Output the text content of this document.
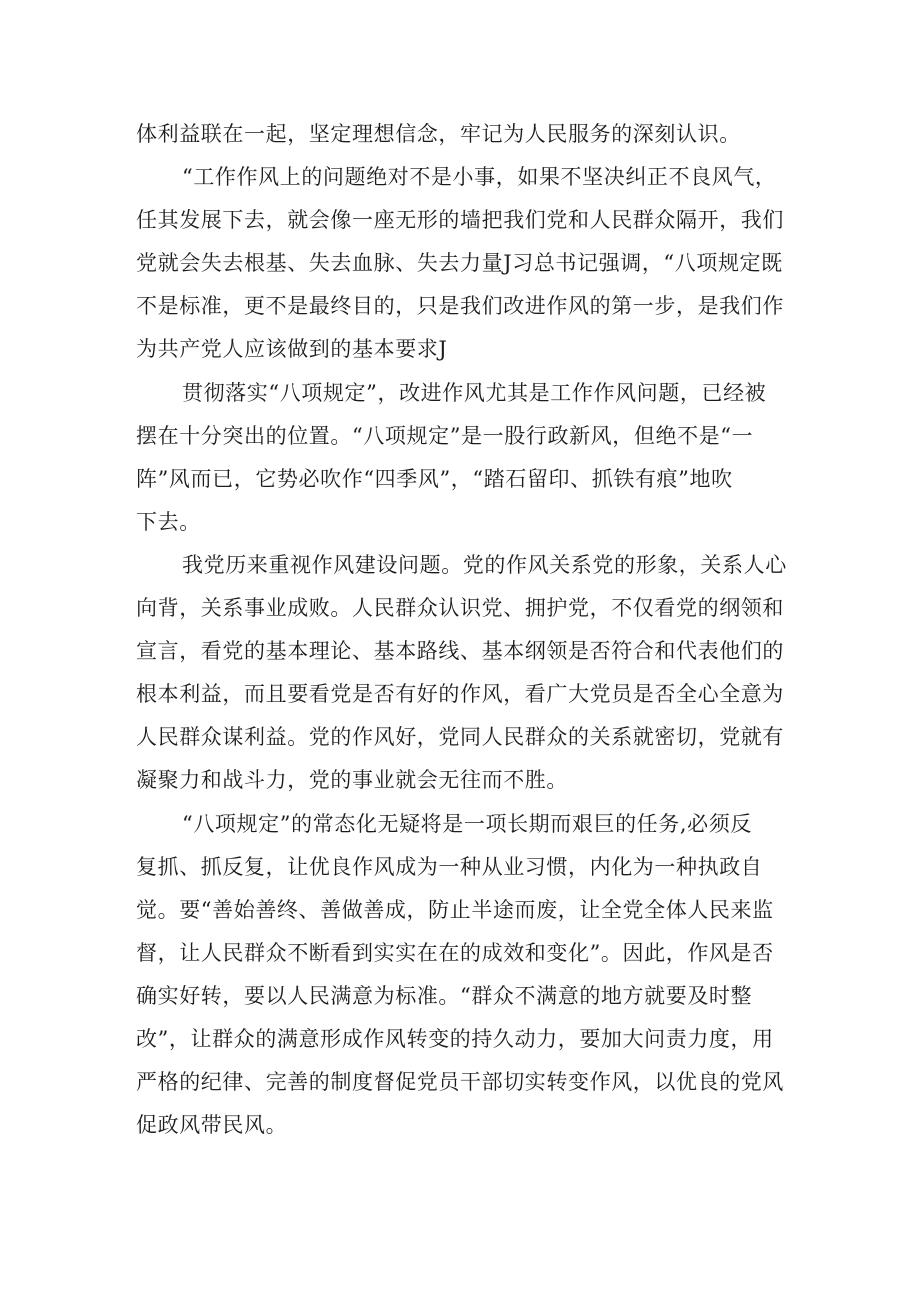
体利益联在一起，坚定理想信念，牢记为人民服务的深刻认识。
“工作作风上的问题绝对不是小事，如果不坚决纠正不良风气，
任其发展下去，就会像一座无形的墙把我们党和人民群众隔开，我们
党就会失去根基、失去血脉、失去力量J习总书记强调，“八项规定既
不是标准，更不是最终目的，只是我们改进作风的第一步，是我们作
为共产党人应该做到的基本要求J
贯彻落实“八项规定”，改进作风尤其是工作作风问题，已经被
摆在十分突出的位置。“八项规定”是一股行政新风，但绝不是“一
阵”风而已，它势必吹作“四季风”，“踏石留印、抓铁有痕”地吹
下去。
我党历来重视作风建设问题。党的作风关系党的形象，关系人心
向背，关系事业成败。人民群众认识党、拥护党，不仅看党的纲领和
宣言，看党的基本理论、基本路线、基本纲领是否符合和代表他们的
根本利益，而且要看党是否有好的作风，看广大党员是否全心全意为
人民群众谋利益。党的作风好，党同人民群众的关系就密切，党就有
凝聚力和战斗力，党的事业就会无往而不胜。
“八项规定”的常态化无疑将是一项长期而艰巨的任务,必须反
复抓、抓反复，让优良作风成为一种从业习惯，内化为一种执政自
觉。要“善始善终、善做善成，防止半途而废，让全党全体人民来监
督，让人民群众不断看到实实在在的成效和变化”。因此，作风是否
确实好转，要以人民满意为标准。“群众不满意的地方就要及时整
改”，让群众的满意形成作风转变的持久动力，要加大问责力度，用
严格的纪律、完善的制度督促党员干部切实转变作风，以优良的党风
促政风带民风。
